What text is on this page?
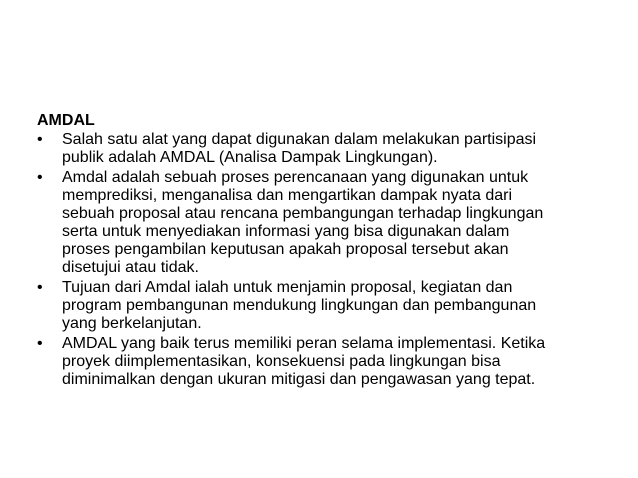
AMDAL
•	Salah satu alat yang dapat digunakan dalam melakukan partisipasi
publik adalah AMDAL (Analisa Dampak Lingkungan).
•	Amdal adalah sebuah proses perencanaan yang digunakan untuk
memprediksi, menganalisa dan mengartikan dampak nyata dari
sebuah proposal atau rencana pembangungan terhadap lingkungan
serta untuk menyediakan informasi yang bisa digunakan dalam
proses pengambilan keputusan apakah proposal tersebut akan
disetujui atau tidak.
•	Tujuan dari Amdal ialah untuk menjamin proposal, kegiatan dan
program pembangunan mendukung lingkungan dan pembangunan
yang berkelanjutan.
•	AMDAL yang baik terus memiliki peran selama implementasi. Ketika
proyek diimplementasikan, konsekuensi pada lingkungan bisa
diminimalkan dengan ukuran mitigasi dan pengawasan yang tepat.
